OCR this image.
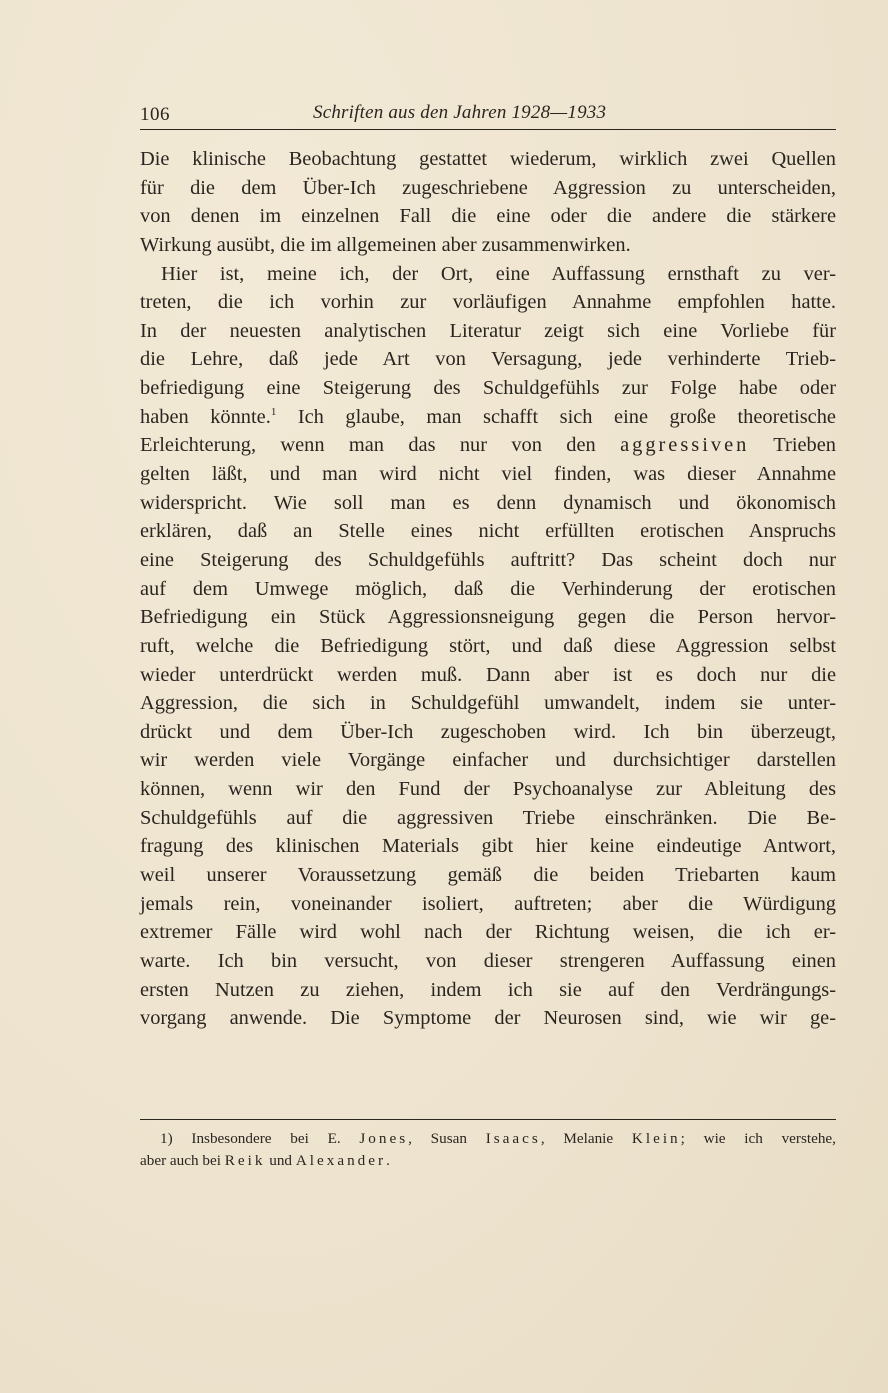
106	Schriften aus den Jahren 1928—1933
Die klinische Beobachtung gestattet wiederum, wirklich zwei Quellen
für die dem Über-Ich zugeschriebene Aggression zu unterscheiden,
von denen im einzelnen Fall die eine oder die andere die stärkere
Wirkung ausübt, die im allgemeinen aber zusammenwirken.
Hier ist, meine ich, der Ort, eine Auffassung ernsthaft zu ver-
treten, die ich vorhin zur vorläufigen Annahme empfohlen hatte.
In der neuesten analytischen Literatur zeigt sich eine Vorliebe für
die Lehre, daß jede Art von Versagung, jede verhinderte Trieb-
befriedigung eine Steigerung des Schuldgefühls zur Folge habe oder
haben könnte.$^1$ Ich glaube, man schafft sich eine große theoretische
Erleichterung, wenn man das nur von den aggressiven Trieben
gelten läßt, und man wird nicht viel finden, was dieser Annahme
widerspricht. Wie soll man es denn dynamisch und ökonomisch
erklären, daß an Stelle eines nicht erfüllten erotischen Anspruchs
eine Steigerung des Schuldgefühls auftritt? Das scheint doch nur
auf dem Umwege möglich, daß die Verhinderung der erotischen
Befriedigung ein Stück Aggressionsneigung gegen die Person hervor-
ruft, welche die Befriedigung stört, und daß diese Aggression selbst
wieder unterdrückt werden muß. Dann aber ist es doch nur die
Aggression, die sich in Schuldgefühl umwandelt, indem sie unter-
drückt und dem Über-Ich zugeschoben wird. Ich bin überzeugt,
wir werden viele Vorgänge einfacher und durchsichtiger darstellen
können, wenn wir den Fund der Psychoanalyse zur Ableitung des
Schuldgefühls auf die aggressiven Triebe einschränken. Die Be-
fragung des klinischen Materials gibt hier keine eindeutige Antwort,
weil unserer Voraussetzung gemäß die beiden Triebarten kaum
jemals rein, voneinander isoliert, auftreten; aber die Würdigung
extremer Fälle wird wohl nach der Richtung weisen, die ich er-
warte. Ich bin versucht, von dieser strengeren Auffassung einen
ersten Nutzen zu ziehen, indem ich sie auf den Verdrängungs-
vorgang anwende. Die Symptome der Neurosen sind, wie wir ge-
1) Insbesondere bei E. Jones, Susan Isaacs, Melanie Klein; wie ich verstehe,
aber auch bei Reik und Alexander.
